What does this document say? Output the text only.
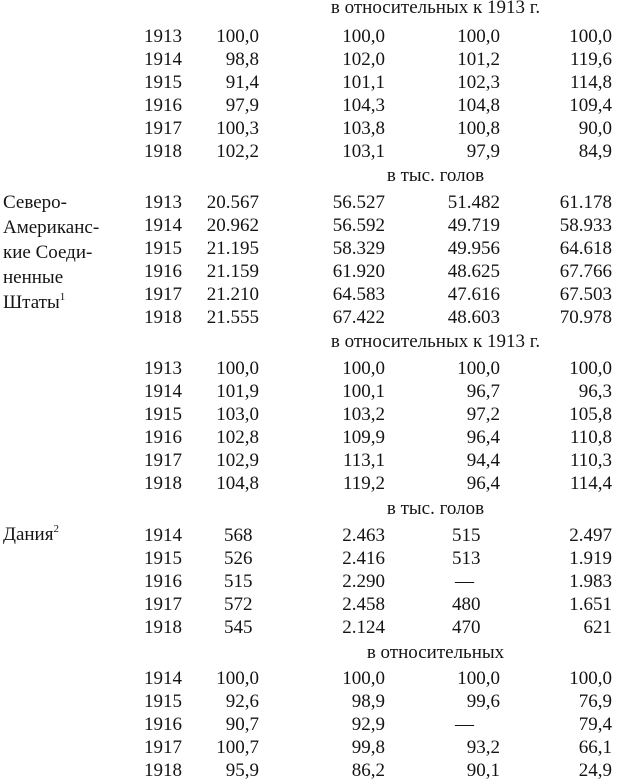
в относительных к 1913 г.
1913	100,0	100,0	100,0	100,0
1914	98,8	102,0	101,2	119,6
1915	91,4	101,1	102,3	114,8
1916	97,9	104,3	104,8	109,4
1917	100,3	103,8	100,8	90,0
1918	102,2	103,1	97,9	84,9
в тыс. голов
1913	20.567	56.527	51.482	61.178
1914	20.962	56.592	49.719	58.933
1915	21.195	58.329	49.956	64.618
1916	21.159	61.920	48.625	67.766
1917	21.210	64.583	47.616	67.503
1918	21.555	67.422	48.603	70.978
Северо-
Американс-
кие Соеди-
ненные
Штаты$^1$
в относительных к 1913 г.
1913	100,0	100,0	100,0	100,0
1914	101,9	100,1	96,7	96,3
1915	103,0	103,2	97,2	105,8
1916	102,8	109,9	96,4	110,8
1917	102,9	113,1	94,4	110,3
1918	104,8	119,2	96,4	114,4
в тыс. голов
Дания$^2$	1914 568	2.463	515	2.497
1915 526	2.416	513	1.919
1916 515	2.290	—	1.983
1917 572	2.458	480	1.651
1918 545	2.124	470	621
в относительных
1914	100,0	100,0	100,0	100,0
1915	92,6	98,9	99,6	76,9
1916	90,7	92,9	—	79,4
1917	100,7	99,8	93,2	66,1
1918	95,9	86,2	90,1	24,9
